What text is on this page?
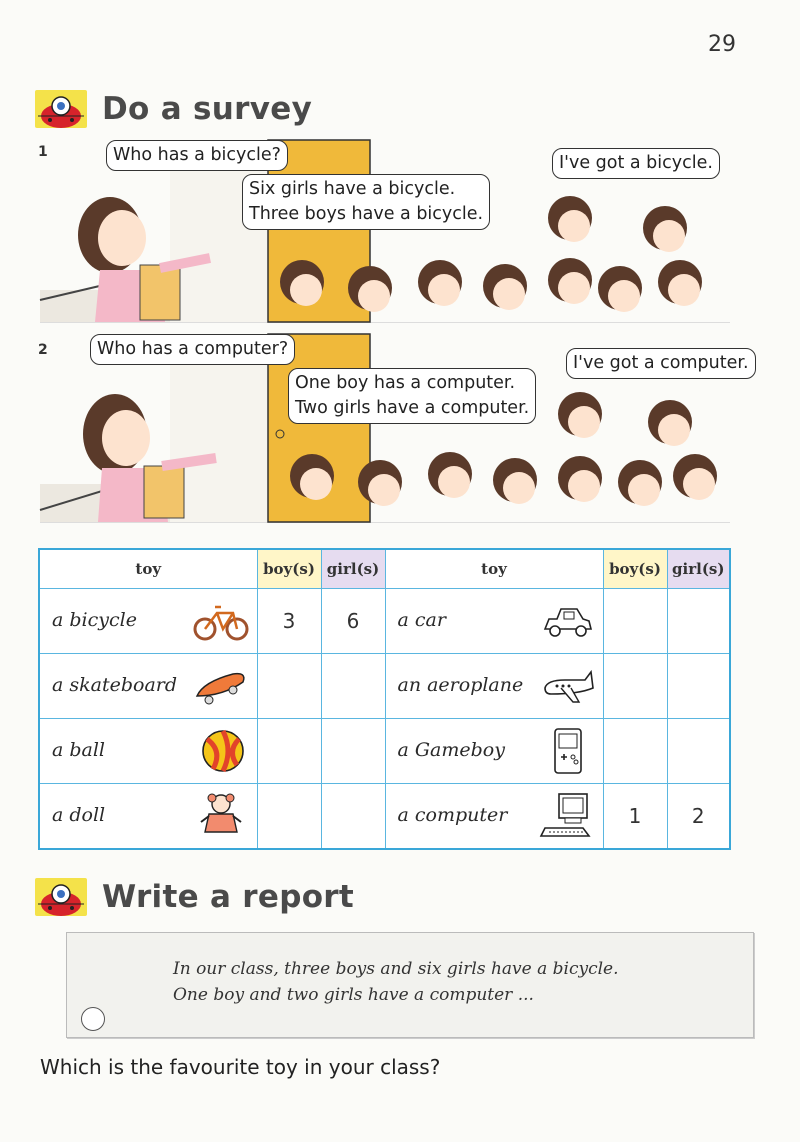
29
Do a survey
1	Who has a bicycle?
Six girls have a bicycle.
Three boys have a bicycle.
I've got a bicycle.
2	Who has a computer?
One boy has a computer.
Two girls have a computer.
I've got a computer.
toy	boy(s)	girl(s)	toy	boy(s)	girl(s)

a bicycle	3	6	a car		

a skateboard			an aeroplane		

a ball			a Gameboy		

a doll			a computer	1	2
Write a report
In our class, three boys and six girls have a bicycle.
One boy and two girls have a computer ...
Which is the favourite toy in your class?
